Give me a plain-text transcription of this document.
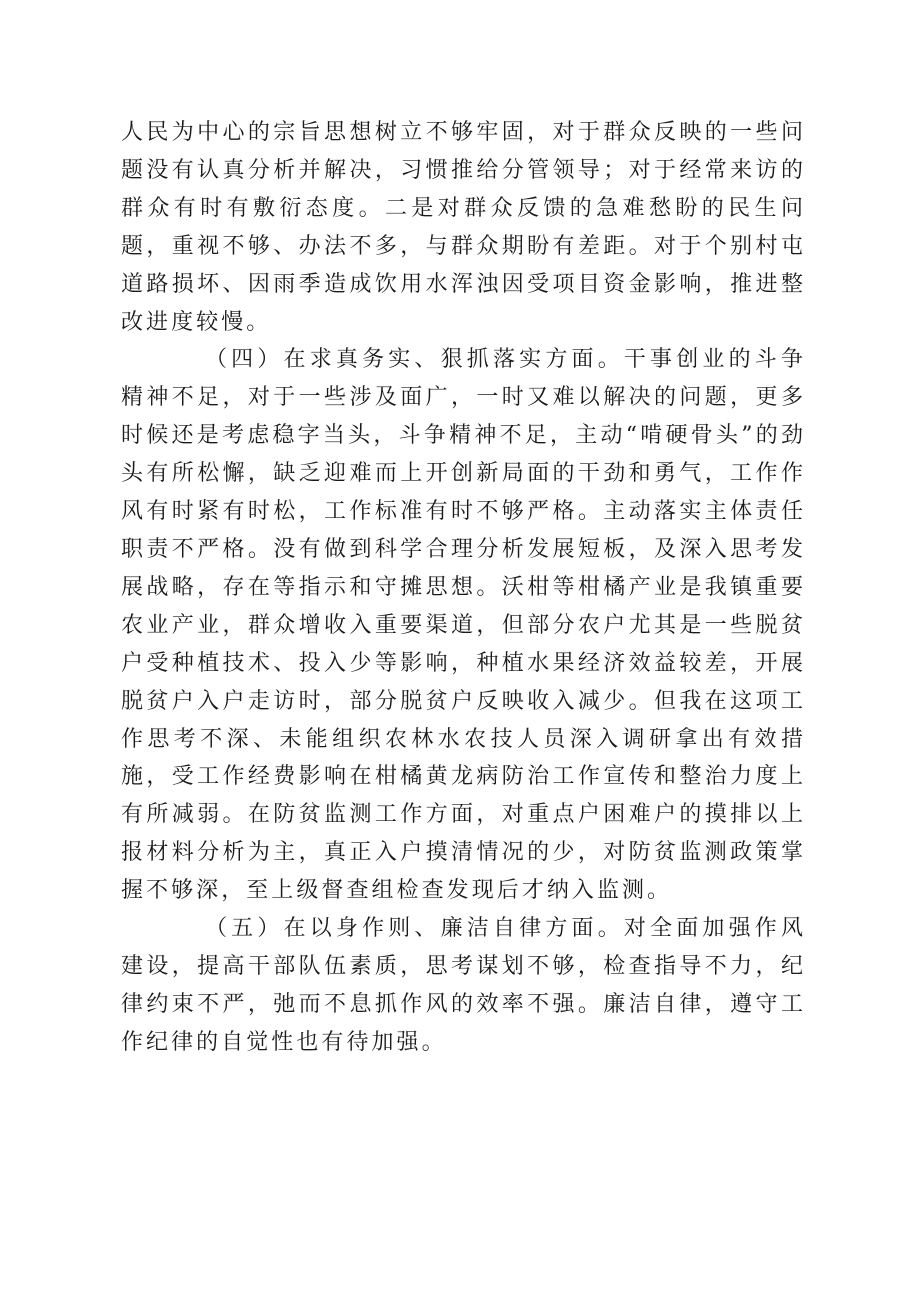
人民为中心的宗旨思想树立不够牢固，对于群众反映的一些问题没有认真分析并解决，习惯推给分管领导；对于经常来访的群众有时有敷衍态度。二是对群众反馈的急难愁盼的民生问题，重视不够、办法不多，与群众期盼有差距。对于个别村屯道路损坏、因雨季造成饮用水浑浊因受项目资金影响，推进整改进度较慢。

（四）在求真务实、狠抓落实方面。干事创业的斗争精神不足，对于一些涉及面广，一时又难以解决的问题，更多时候还是考虑稳字当头，斗争精神不足，主动“啃硬骨头”的劲头有所松懈，缺乏迎难而上开创新局面的干劲和勇气，工作作风有时紧有时松，工作标准有时不够严格。主动落实主体责任职责不严格。没有做到科学合理分析发展短板，及深入思考发展战略，存在等指示和守摊思想。沃柑等柑橘产业是我镇重要农业产业，群众增收入重要渠道，但部分农户尤其是一些脱贫户受种植技术、投入少等影响，种植水果经济效益较差，开展脱贫户入户走访时，部分脱贫户反映收入减少。但我在这项工作思考不深、未能组织农林水农技人员深入调研拿出有效措施，受工作经费影响在柑橘黄龙病防治工作宣传和整治力度上有所减弱。在防贫监测工作方面，对重点户困难户的摸排以上报材料分析为主，真正入户摸清情况的少，对防贫监测政策掌握不够深，至上级督查组检查发现后才纳入监测。

（五）在以身作则、廉洁自律方面。对全面加强作风建设，提高干部队伍素质，思考谋划不够，检查指导不力，纪律约束不严，弛而不息抓作风的效率不强。廉洁自律，遵守工作纪律的自觉性也有待加强。
